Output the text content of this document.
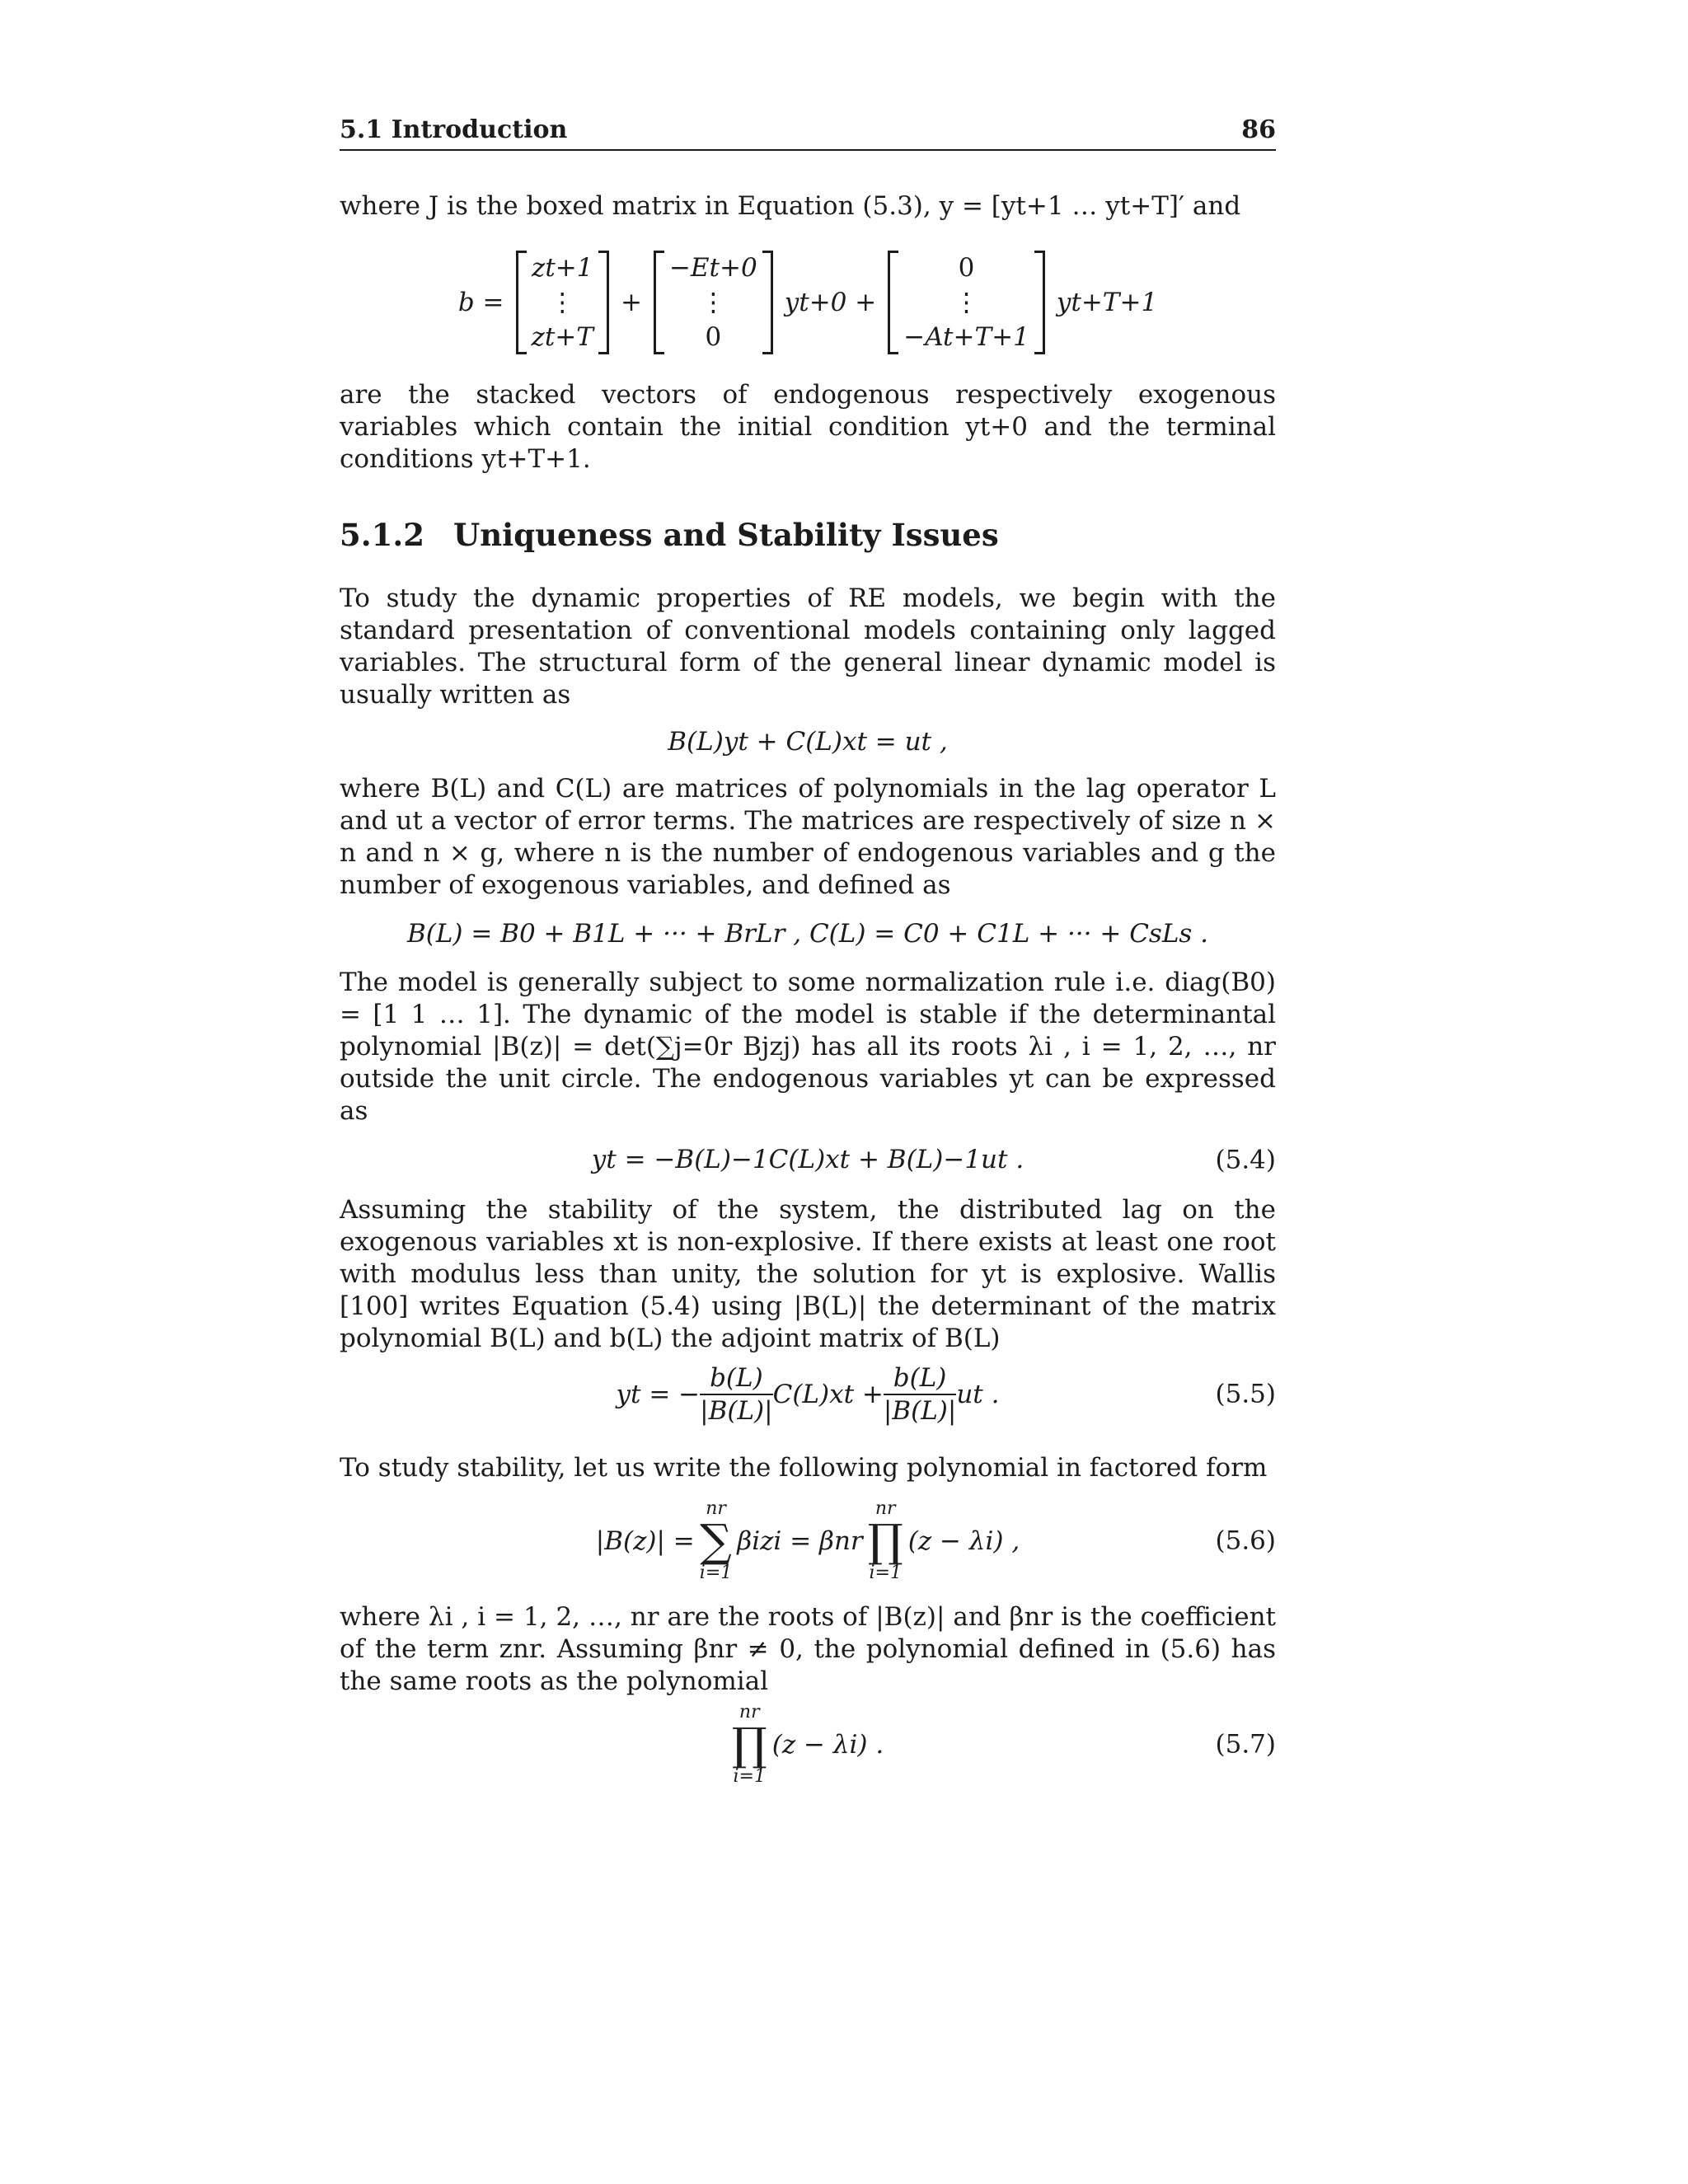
5.1 Introduction	86

where J is the boxed matrix in Equation (5.3), y = [yt+1 … yt+T]′ and

b =
zt+1
⋮
zt+T
+
−Et+0
⋮
0
yt+0 +
0
⋮
−At+T+1
yt+T+1

are the stacked vectors of endogenous respectively exogenous variables which contain the initial condition yt+0 and the terminal conditions yt+T+1.

5.1.2 Uniqueness and Stability Issues

To study the dynamic properties of RE models, we begin with the standard presentation of conventional models containing only lagged variables. The structural form of the general linear dynamic model is usually written as

B(L)yt + C(L)xt = ut ,

where B(L) and C(L) are matrices of polynomials in the lag operator L and ut a vector of error terms. The matrices are respectively of size n × n and n × g, where n is the number of endogenous variables and g the number of exogenous variables, and defined as

B(L) = B0 + B1L + ··· + BrLr , C(L) = C0 + C1L + ··· + CsLs .

The model is generally subject to some normalization rule i.e. diag(B0) = [1 1 … 1]. The dynamic of the model is stable if the determinantal polynomial |B(z)| = det(∑j=0r Bjzj) has all its roots λi , i = 1, 2, …, nr outside the unit circle. The endogenous variables yt can be expressed as

yt = −B(L)−1C(L)xt + B(L)−1ut .	(5.4)

Assuming the stability of the system, the distributed lag on the exogenous variables xt is non-explosive. If there exists at least one root with modulus less than unity, the solution for yt is explosive. Wallis [100] writes Equation (5.4) using |B(L)| the determinant of the matrix polynomial B(L) and b(L) the adjoint matrix of B(L)

yt = − $\frac{b(L)}{|B(L)|} C(L)xt + \frac{b(L)}{|B(L)|}$ ut .	(5.5)

To study stability, let us write the following polynomial in factored form

|B(z)| =
nr
∑
i=1
βizi = βnr
nr
∏
i=1
(z − λi) ,	(5.6)

where λi , i = 1, 2, …, nr are the roots of |B(z)| and βnr is the coefficient of the term znr. Assuming βnr ≠ 0, the polynomial defined in (5.6) has the same roots as the polynomial

nr
∏
i=1
(z − λi) .	(5.7)
